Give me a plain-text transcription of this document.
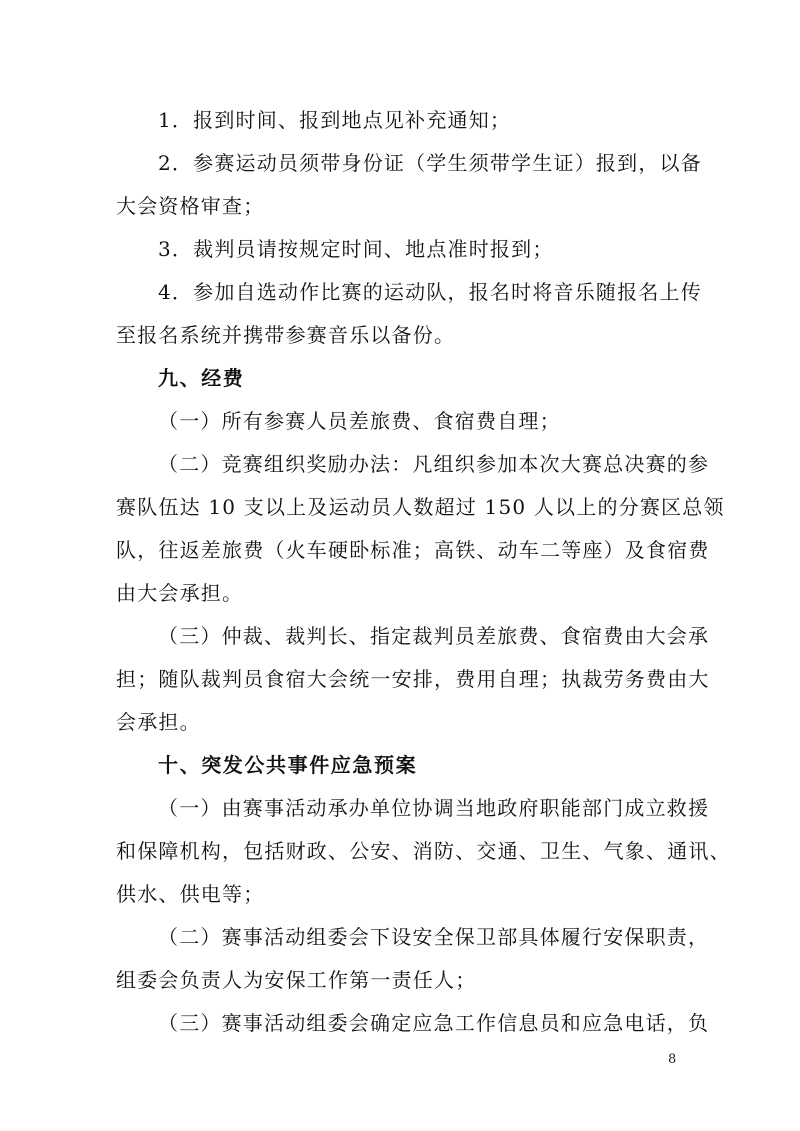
1．报到时间、报到地点见补充通知；
2．参赛运动员须带身份证（学生须带学生证）报到，以备
大会资格审查；
3．裁判员请按规定时间、地点准时报到；
4．参加自选动作比赛的运动队，报名时将音乐随报名上传
至报名系统并携带参赛音乐以备份。
九、经费
（一）所有参赛人员差旅费、食宿费自理；
（二）竞赛组织奖励办法：凡组织参加本次大赛总决赛的参
赛队伍达 10 支以上及运动员人数超过 150 人以上的分赛区总领
队，往返差旅费（火车硬卧标准；高铁、动车二等座）及食宿费
由大会承担。
（三）仲裁、裁判长、指定裁判员差旅费、食宿费由大会承
担；随队裁判员食宿大会统一安排，费用自理；执裁劳务费由大
会承担。
十、突发公共事件应急预案
（一）由赛事活动承办单位协调当地政府职能部门成立救援
和保障机构，包括财政、公安、消防、交通、卫生、气象、通讯、
供水、供电等；
（二）赛事活动组委会下设安全保卫部具体履行安保职责，
组委会负责人为安保工作第一责任人；
（三）赛事活动组委会确定应急工作信息员和应急电话，负
8
